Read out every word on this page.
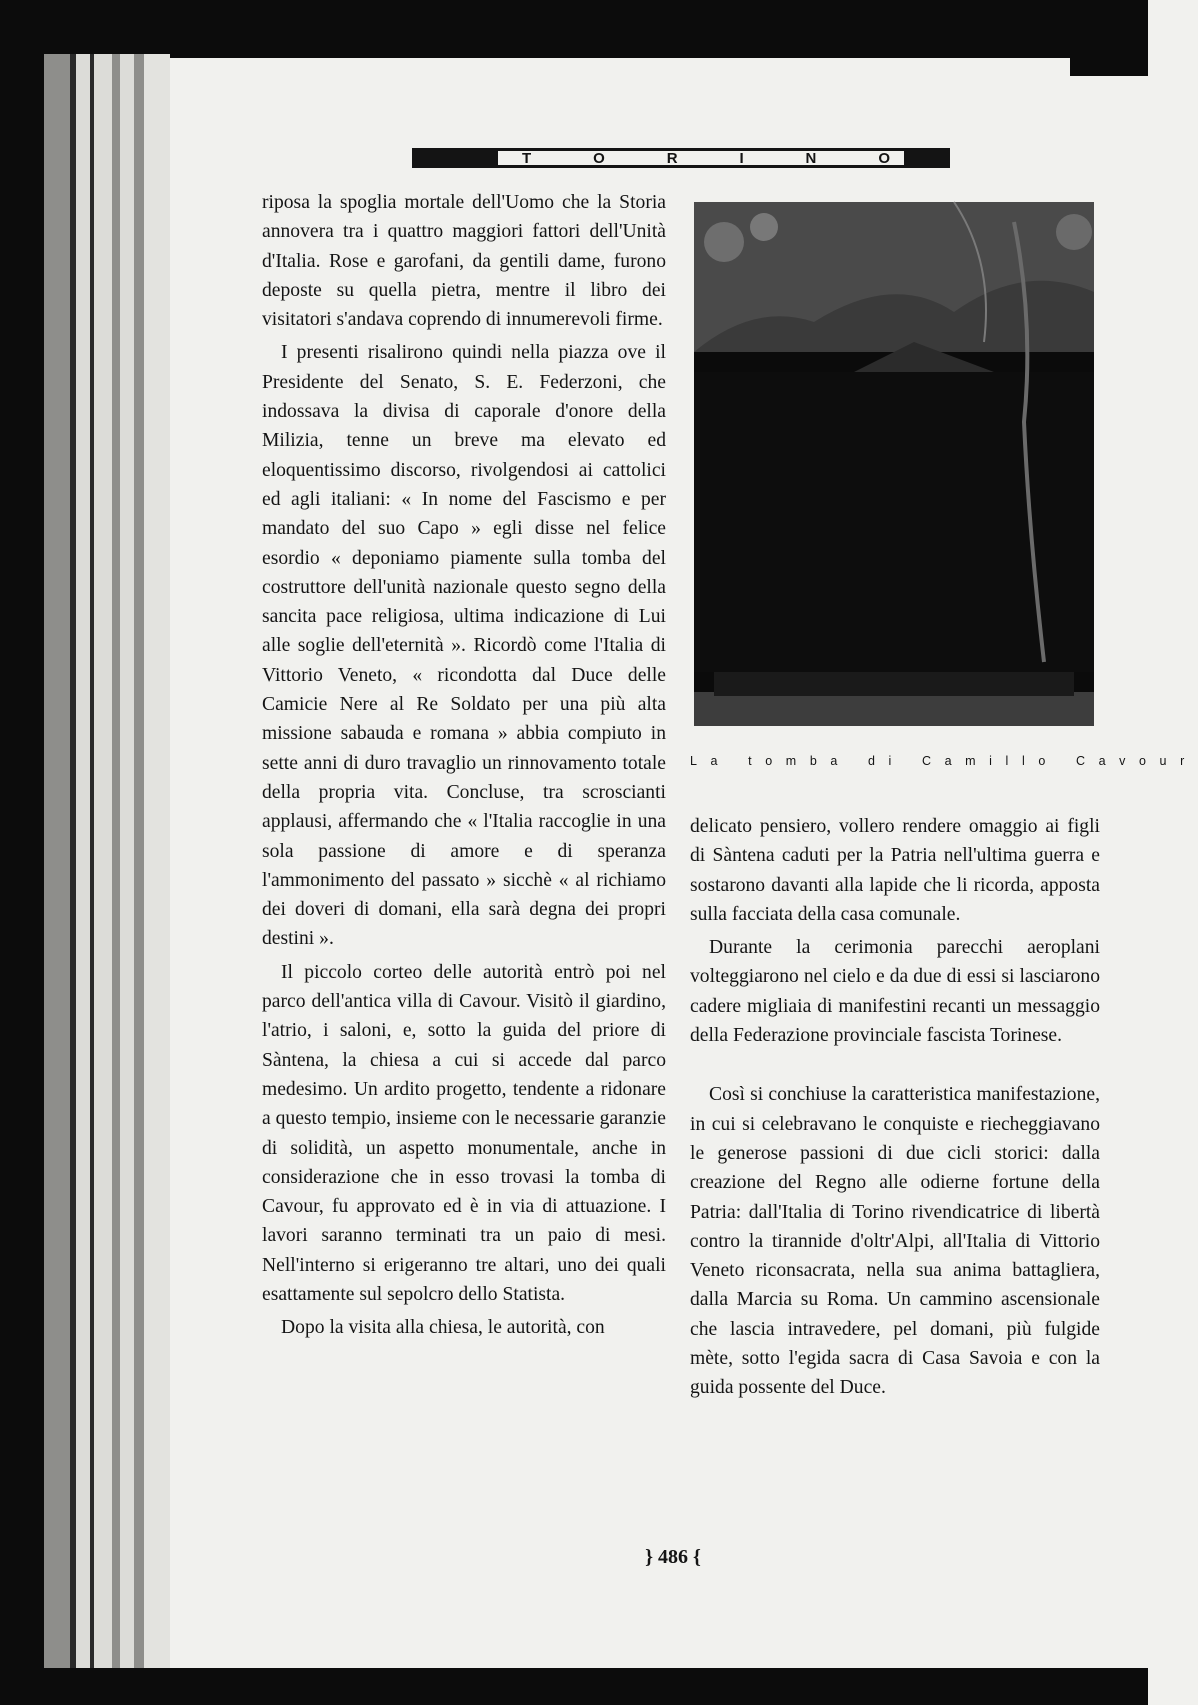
T	O	R	I	N	O

riposa la spoglia mortale dell'Uomo che la Storia annovera tra i quattro maggiori fattori dell'Unità d'Italia. Rose e garofani, da gentili dame, furono deposte su quella pietra, mentre il libro dei visitatori s'andava coprendo di innumerevoli firme.

I presenti risalirono quindi nella piazza ove il Presidente del Senato, S. E. Federzoni, che indossava la divisa di caporale d'onore della Milizia, tenne un breve ma elevato ed eloquentissimo discorso, rivolgendosi ai cattolici ed agli italiani: « In nome del Fascismo e per mandato del suo Capo » egli disse nel felice esordio « deponiamo piamente sulla tomba del costruttore dell'unità nazionale questo segno della sancita pace religiosa, ultima indicazione di Lui alle soglie dell'eternità ». Ricordò come l'Italia di Vittorio Veneto, « ricondotta dal Duce delle Camicie Nere al Re Soldato per una più alta missione sabauda e romana » abbia compiuto in sette anni di duro travaglio un rinnovamento totale della propria vita. Concluse, tra scroscianti applausi, affermando che « l'Italia raccoglie in una sola passione di amore e di speranza l'ammonimento del passato » sicchè « al richiamo dei doveri di domani, ella sarà degna dei propri destini ».

Il piccolo corteo delle autorità entrò poi nel parco dell'antica villa di Cavour. Visitò il giardino, l'atrio, i saloni, e, sotto la guida del priore di Sàntena, la chiesa a cui si accede dal parco medesimo. Un ardito progetto, tendente a ridonare a questo tempio, insieme con le necessarie garanzie di solidità, un aspetto monumentale, anche in considerazione che in esso trovasi la tomba di Cavour, fu approvato ed è in via di attuazione. I lavori saranno terminati tra un paio di mesi. Nell'interno si erigeranno tre altari, uno dei quali esattamente sul sepolcro dello Statista.

Dopo la visita alla chiesa, le autorità, con

La tomba di Camillo Cavour

delicato pensiero, vollero rendere omaggio ai figli di Sàntena caduti per la Patria nell'ultima guerra e sostarono davanti alla lapide che li ricorda, apposta sulla facciata della casa comunale.

Durante la cerimonia parecchi aeroplani volteggiarono nel cielo e da due di essi si lasciarono cadere migliaia di manifestini recanti un messaggio della Federazione provinciale fascista Torinese.

Così si conchiuse la caratteristica manifestazione, in cui si celebravano le conquiste e riecheggiavano le generose passioni di due cicli storici: dalla creazione del Regno alle odierne fortune della Patria: dall'Italia di Torino rivendicatrice di libertà contro la tirannide d'oltr'Alpi, all'Italia di Vittorio Veneto riconsacrata, nella sua anima battagliera, dalla Marcia su Roma. Un cammino ascensionale che lascia intravedere, pel domani, più fulgide mète, sotto l'egida sacra di Casa Savoia e con la guida possente del Duce.

} 486 {
